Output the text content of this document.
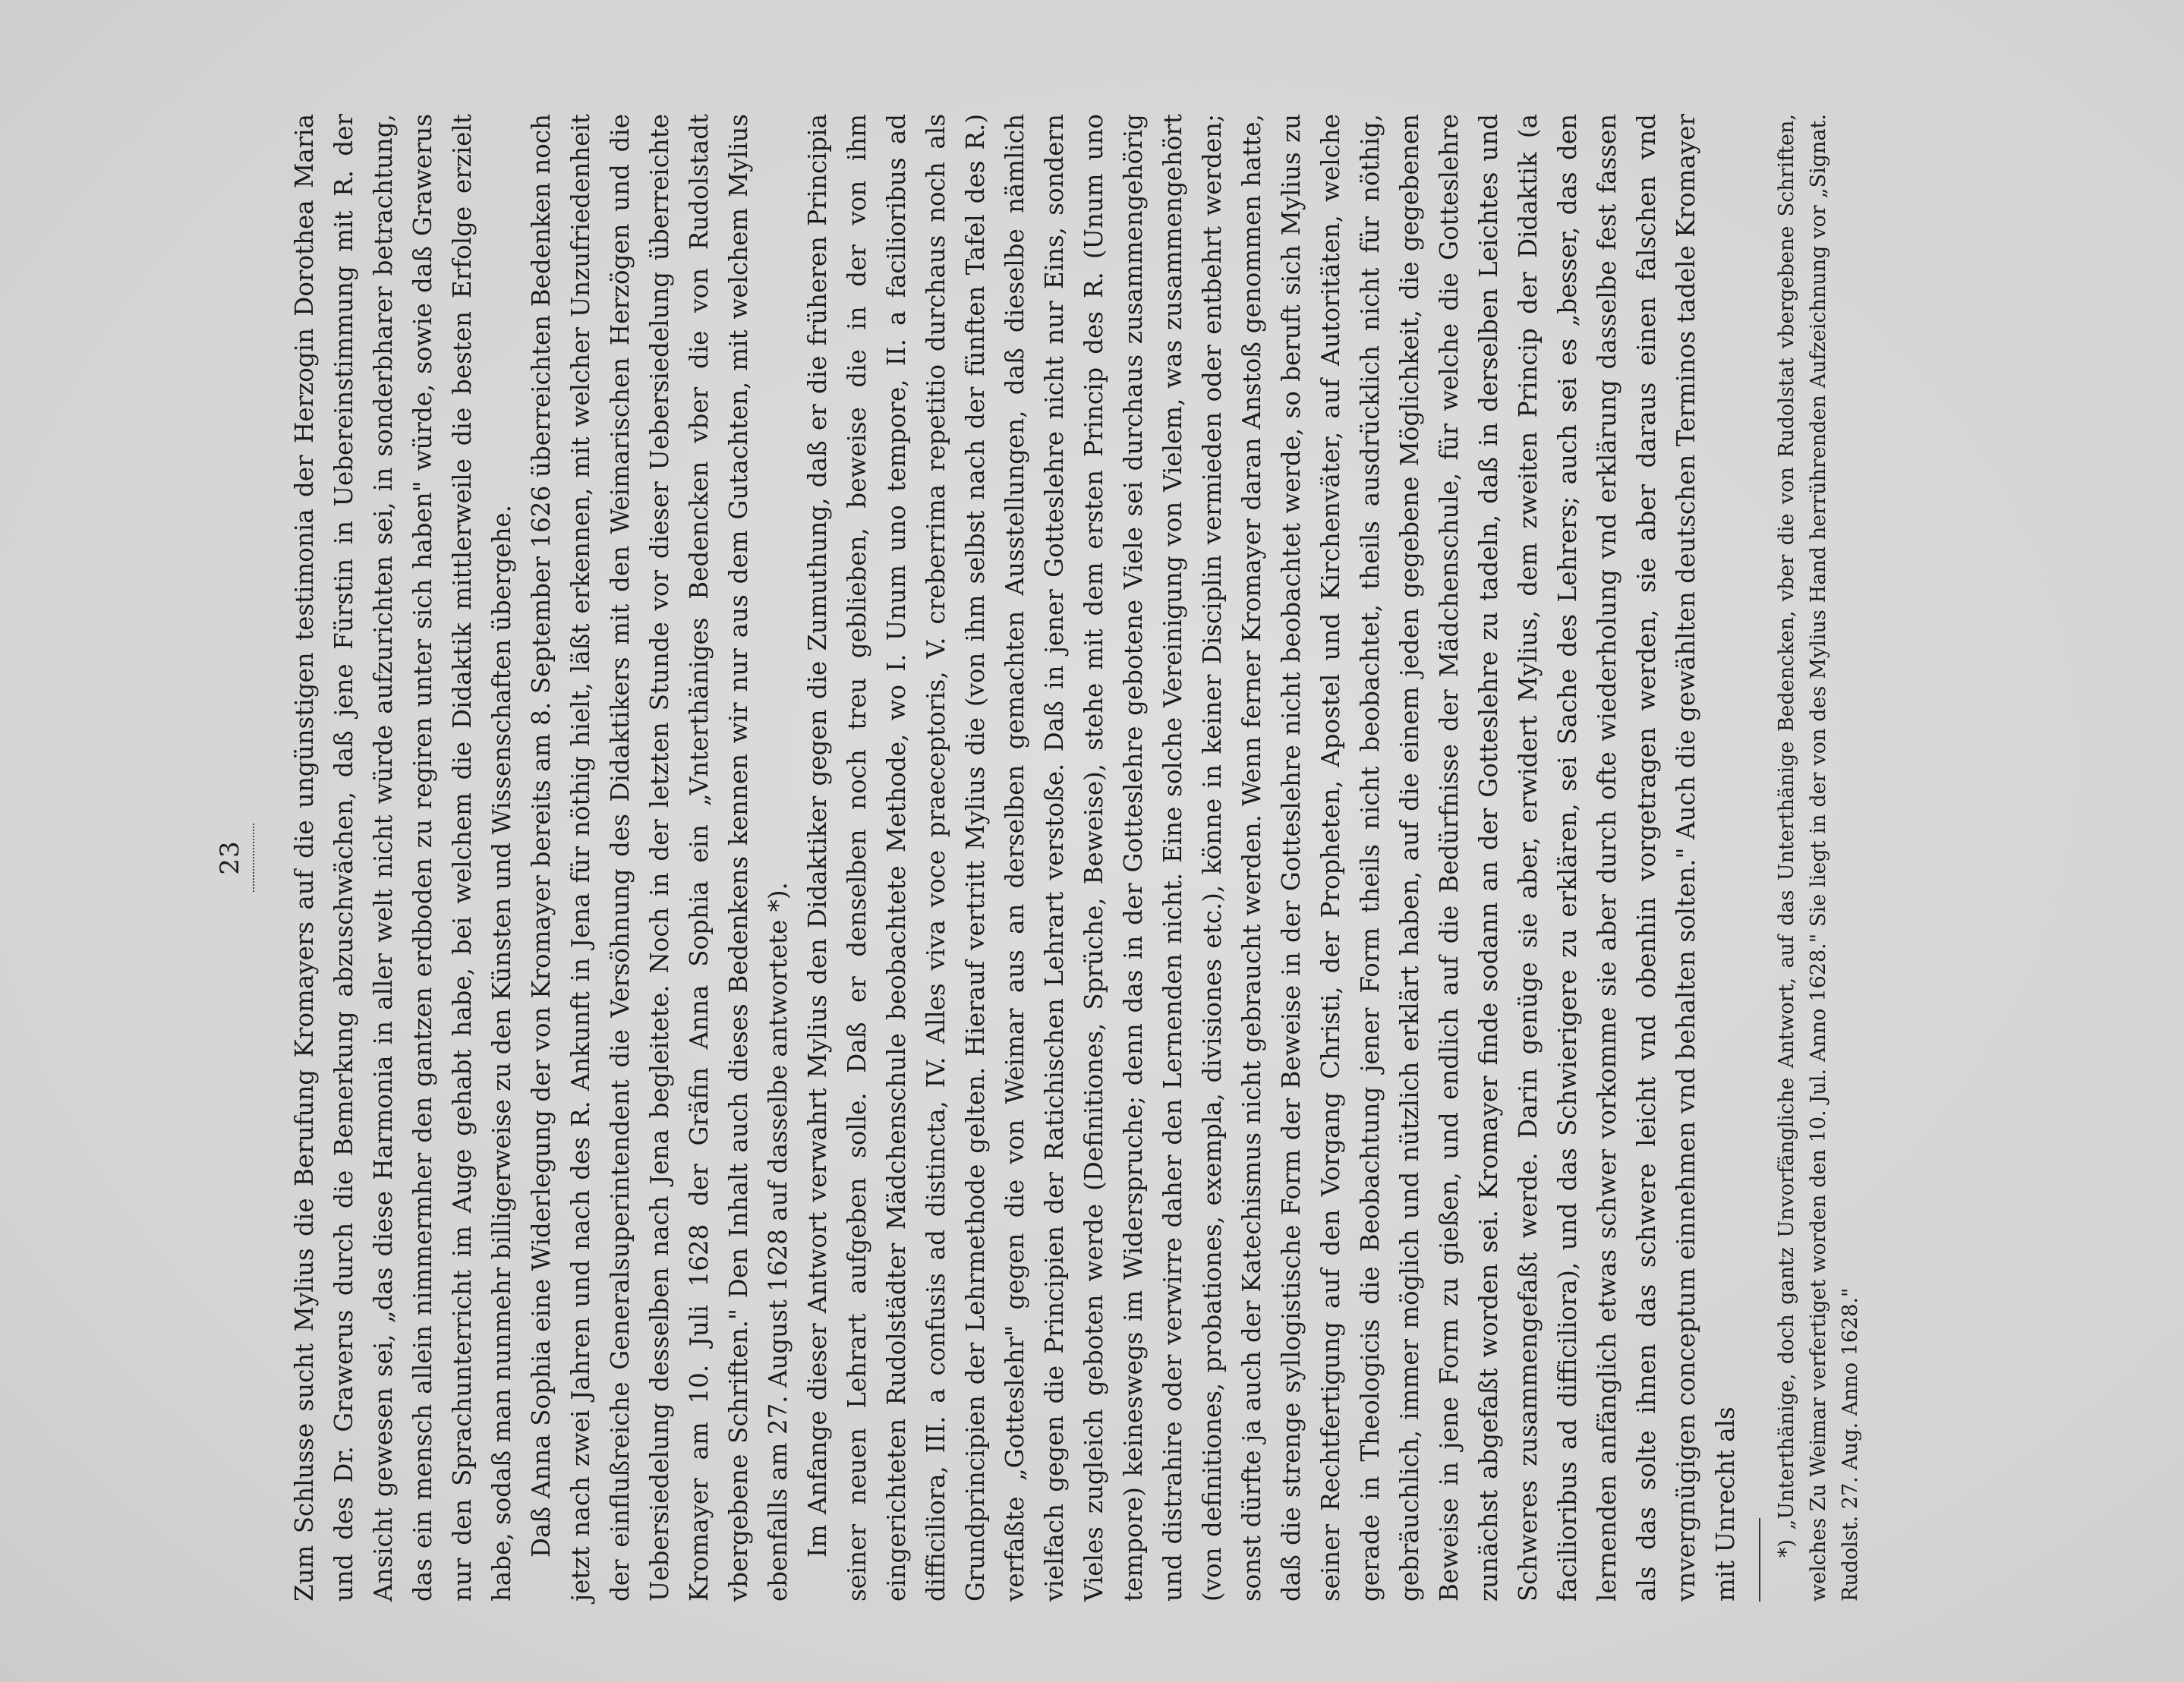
23 Zum Schlusse sucht Mylius die Berufung Kromayers auf die ungünstigen testimonia der Herzogin Dorothea Maria und des Dr. Grawerus durch die Bemerkung abzuschwächen, daß jene Fürstin in Uebereinstimmung mit R. der Ansicht gewesen sei, „das diese Harmonia in aller welt nicht würde aufzurichten sei, in sonderbharer betrachtung, das ein mensch allein nimmermher den gantzen erdboden zu regiren unter sich haben" würde, sowie daß Grawerus nur den Sprachunterricht im Auge gehabt habe, bei welchem die Didaktik mittlerweile die besten Erfolge erzielt habe, sodaß man nunmehr billigerweise zu den Künsten und Wissenschaften übergehe. Daß Anna Sophia eine Widerlegung der von Kromayer bereits am 8. September 1626 überreichten Bedenken noch jetzt nach zwei Jahren und nach des R. Ankunft in Jena für nöthig hielt, läßt erkennen, mit welcher Unzufriedenheit der einflußreiche Generalsuperintendent die Versöhnung des Didaktikers mit den Weimarischen Herzögen und die Uebersiedelung desselben nach Jena begleitete. Noch in der letzten Stunde vor dieser Uebersiedelung überreichte Kromayer am 10. Juli 1628 der Gräfin Anna Sophia ein „Vnterthäniges Bedencken vber die von Rudolstadt vbergebene Schriften." Den Inhalt auch dieses Bedenkens kennen wir nur aus dem Gutachten, mit welchem Mylius ebenfalls am 27. August 1628 auf dasselbe antwortete *). Im Anfange dieser Antwort verwahrt Mylius den Didaktiker gegen die Zumuthung, daß er die früheren Principia seiner neuen Lehrart aufgeben solle. Daß er denselben noch treu geblieben, beweise die in der von ihm eingerichteten Rudolstädter Mädchenschule beobachtete Methode, wo I. Unum uno tempore, II. a facilioribus ad difficiliora, III. a confusis ad distincta, IV. Alles viva voce praeceptoris, V. creberrima repetitio durchaus noch als Grundprincipien der Lehrmethode gelten. Hierauf vertritt Mylius die (von ihm selbst nach der fünften Tafel des R.) verfaßte „Gotteslehr" gegen die von Weimar aus an derselben gemachten Ausstellungen, daß dieselbe nämlich vielfach gegen die Principien der Ratichischen Lehrart verstoße. Daß in jener Gotteslehre nicht nur Eins, sondern Vieles zugleich geboten werde (Definitiones, Sprüche, Beweise), stehe mit dem ersten Princip des R. (Unum uno tempore) keineswegs im Widerspruche; denn das in der Gotteslehre gebotene Viele sei durchaus zusammengehörig und distrahire oder verwirre daher den Lernenden nicht. Eine solche Vereinigung von Vielem, was zusammengehört (von definitiones, probationes, exempla, divisiones etc.), könne in keiner Disciplin vermieden oder entbehrt werden; sonst dürfte ja auch der Katechismus nicht gebraucht werden. Wenn ferner Kromayer daran Anstoß genommen hatte, daß die strenge syllogistische Form der Beweise in der Gotteslehre nicht beobachtet werde, so beruft sich Mylius zu seiner Rechtfertigung auf den Vorgang Christi, der Propheten, Apostel und Kirchenväter, auf Autoritäten, welche gerade in Theologicis die Beobachtung jener Form theils nicht beobachtet, theils ausdrücklich nicht für nöthig, gebräuchlich, immer möglich und nützlich erklärt haben, auf die einem jeden gegebene Möglichkeit, die gegebenen Beweise in jene Form zu gießen, und endlich auf die Bedürfnisse der Mädchenschule, für welche die Gotteslehre zunächst abgefaßt worden sei. Kromayer finde sodann an der Gotteslehre zu tadeln, daß in derselben Leichtes und Schweres zusammengefaßt werde. Darin genüge sie aber, erwidert Mylius, dem zweiten Princip der Didaktik (a facilioribus ad difficiliora), und das Schwierigere zu erklären, sei Sache des Lehrers; auch sei es „besser, das den lernenden anfänglich etwas schwer vorkomme sie aber durch ofte wiederholung vnd erklärung dasselbe fest fassen als das solte ihnen das schwere leicht vnd obenhin vorgetragen werden, sie aber daraus einen falschen vnd vnvergnügigen conceptum einnehmen vnd behalten solten." Auch die gewählten deutschen Terminos tadele Kromayer mit Unrecht als *) „Unterthänige, doch gantz Unvorfängliche Antwort, auf das Unterthänige Bedencken, vber die von Rudolstat vbergebene Schriften, welches Zu Weimar verfertiget worden den 10. Jul. Anno 1628." Sie liegt in der von des Mylius Hand herrührenden Aufzeichnung vor „Signat. Rudolst. 27. Aug. Anno 1628."
